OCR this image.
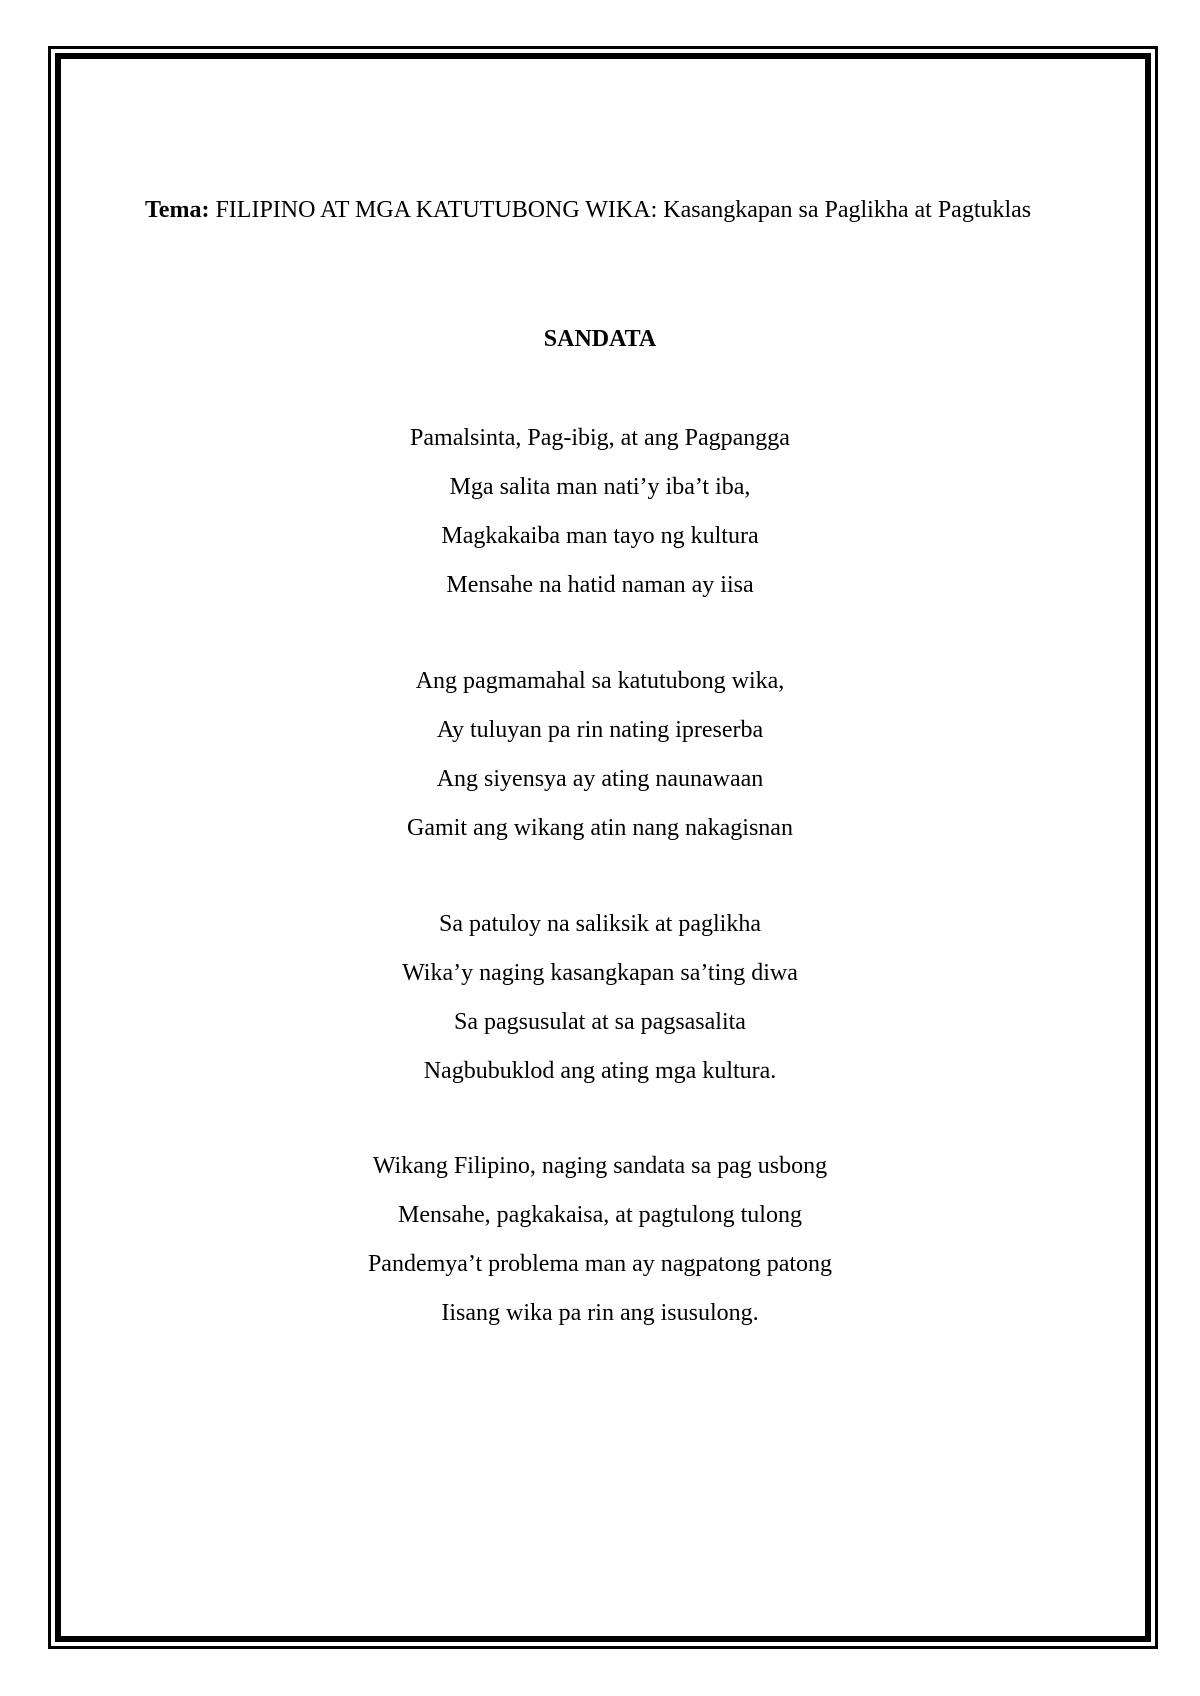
Tema: FILIPINO AT MGA KATUTUBONG WIKA: Kasangkapan sa Paglikha at Pagtuklas
SANDATA
Pamalsinta, Pag-ibig, at ang Pagpangga
Mga salita man nati’y iba’t iba,
Magkakaiba man tayo ng kultura
Mensahe na hatid naman ay iisa
Ang pagmamahal sa katutubong wika,
Ay tuluyan pa rin nating ipreserba
Ang siyensya ay ating naunawaan
Gamit ang wikang atin nang nakagisnan
Sa patuloy na saliksik at paglikha
Wika’y naging kasangkapan sa’ting diwa
Sa pagsusulat at sa pagsasalita
Nagbubuklod ang ating mga kultura.
Wikang Filipino, naging sandata sa pag usbong
Mensahe, pagkakaisa, at pagtulong tulong
Pandemya’t problema man ay nagpatong patong
Iisang wika pa rin ang isusulong.
